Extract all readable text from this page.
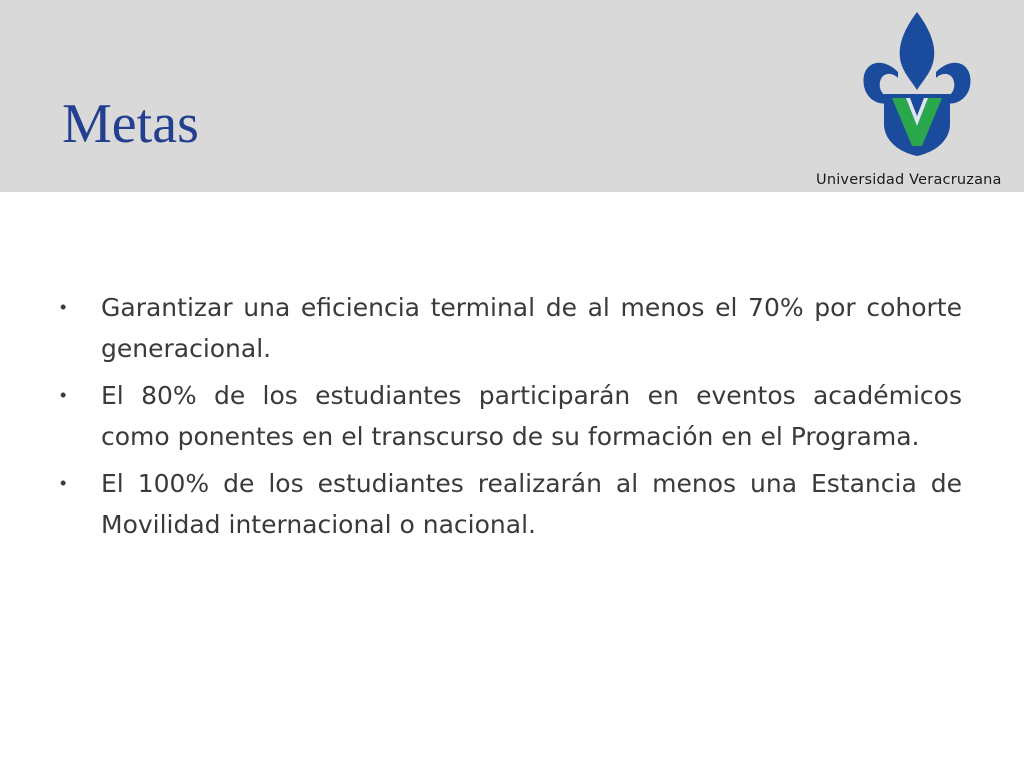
Metas
Universidad Veracruzana
• Garantizar una eficiencia terminal de al menos el 70% por cohorte generacional.
• El 80% de los estudiantes participarán en eventos académicos como ponentes en el transcurso de su formación en el Programa.
• El 100% de los estudiantes realizarán al menos una Estancia de Movilidad internacional o nacional.
